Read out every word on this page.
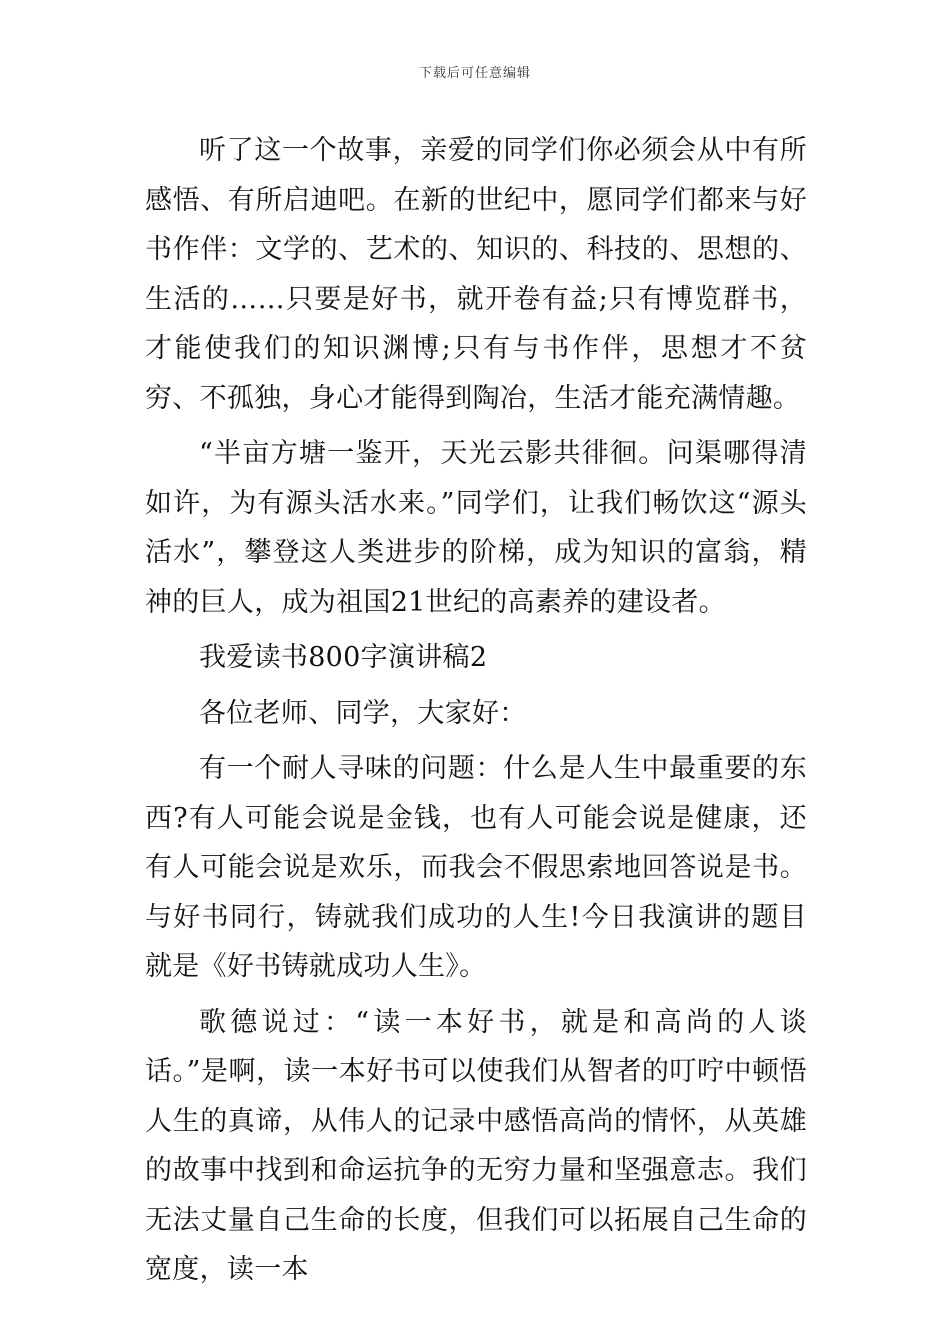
下载后可任意编辑

听了这一个故事，亲爱的同学们你必须会从中有所感悟、有所启迪吧。在新的世纪中，愿同学们都来与好书作伴：文学的、艺术的、知识的、科技的、思想的、生活的……只要是好书，就开卷有益;只有博览群书，才能使我们的知识渊博;只有与书作伴，思想才不贫穷、不孤独，身心才能得到陶冶，生活才能充满情趣。

“半亩方塘一鉴开，天光云影共徘徊。问渠哪得清如许，为有源头活水来。”同学们，让我们畅饮这“源头活水”，攀登这人类进步的阶梯，成为知识的富翁，精神的巨人，成为祖国21世纪的高素养的建设者。

我爱读书800字演讲稿2

各位老师、同学，大家好：

有一个耐人寻味的问题：什么是人生中最重要的东西?有人可能会说是金钱，也有人可能会说是健康，还有人可能会说是欢乐，而我会不假思索地回答说是书。与好书同行，铸就我们成功的人生!今日我演讲的题目就是《好书铸就成功人生》。

歌德说过：“读一本好书，就是和高尚的人谈话。”是啊，读一本好书可以使我们从智者的叮咛中顿悟人生的真谛，从伟人的记录中感悟高尚的情怀，从英雄的故事中找到和命运抗争的无穷力量和坚强意志。我们无法丈量自己生命的长度，但我们可以拓展自己生命的宽度，读一本
